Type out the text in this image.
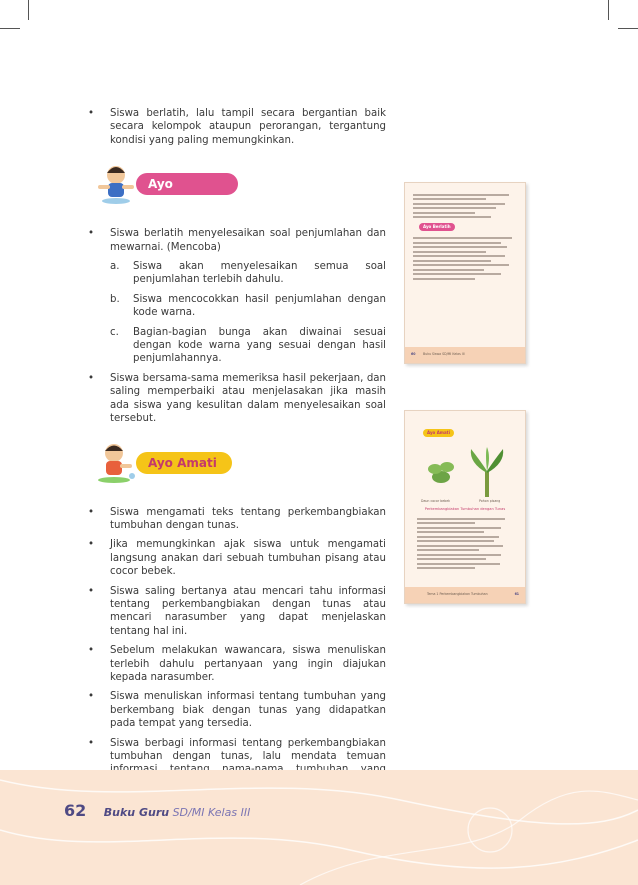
• Siswa berlatih, lalu tampil secara bergantian baik secara kelompok ataupun perorangan, tergantung kondisi yang paling memungkinkan.
Ayo Berlatih
• Siswa berlatih menyelesaikan soal penjumlahan dan mewarnai. (Mencoba)
a. Siswa akan menyelesaikan semua soal penjumlahan terlebih dahulu.
b. Siswa mencocokkan hasil penjumlahan dengan kode warna.
c. Bagian-bagian bunga akan diwainai sesuai dengan kode warna yang sesuai dengan hasil penjumlahannya.
• Siswa bersama-sama memeriksa hasil pekerjaan, dan saling memperbaiki atau menjelasakan jika masih ada siswa yang kesulitan dalam menyelesaikan soal tersebut.
Ayo Amati
• Siswa mengamati teks tentang perkembangbiakan tumbuhan dengan tunas.
• Jika memungkinkan ajak siswa untuk mengamati langsung anakan dari sebuah tumbuhan pisang atau cocor bebek.
• Siswa saling bertanya atau mencari tahu informasi tentang perkembangbiakan dengan tunas atau mencari narasumber yang dapat menjelaskan tentang hal ini.
• Sebelum melakukan wawancara, siswa menuliskan terlebih dahulu pertanyaan yang ingin diajukan kepada narasumber.
• Siswa menuliskan informasi tentang tumbuhan yang berkembang biak dengan tunas yang didapatkan pada tempat yang tersedia.
• Siswa berbagi informasi tentang perkembangbiakan tumbuhan dengan tunas, lalu mendata temuan
Ayo Berlatih
60 Buku Siswa SD/MI Kelas III
Ayo Amati
Daun cocor bebek	Pohon pisang
Perkembangbiakan Tumbuhan dengan Tunas
Tema 1 Perkembangbiakan Tumbuhan	61
62 Buku Guru SD/MI Kelas III
